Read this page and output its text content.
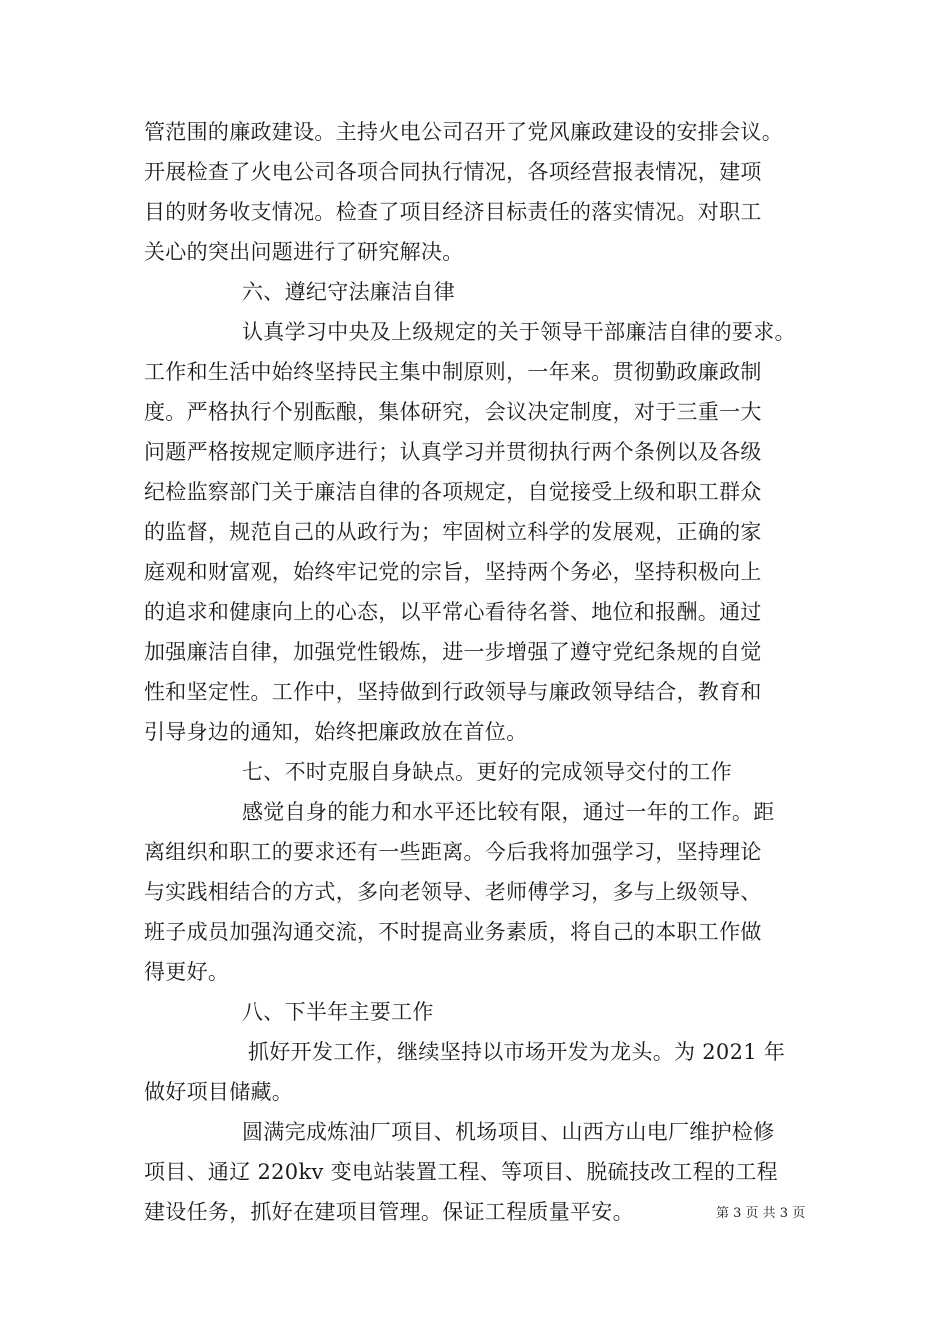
管范围的廉政建设。主持火电公司召开了党风廉政建设的安排会议。
开展检查了火电公司各项合同执行情况，各项经营报表情况，建项
目的财务收支情况。检查了项目经济目标责任的落实情况。对职工
关心的突出问题进行了研究解决。
六、遵纪守法廉洁自律
认真学习中央及上级规定的关于领导干部廉洁自律的要求。
工作和生活中始终坚持民主集中制原则，一年来。贯彻勤政廉政制
度。严格执行个别酝酿，集体研究，会议决定制度，对于三重一大
问题严格按规定顺序进行；认真学习并贯彻执行两个条例以及各级
纪检监察部门关于廉洁自律的各项规定，自觉接受上级和职工群众
的监督，规范自己的从政行为；牢固树立科学的发展观，正确的家
庭观和财富观，始终牢记党的宗旨，坚持两个务必，坚持积极向上
的追求和健康向上的心态，以平常心看待名誉、地位和报酬。通过
加强廉洁自律，加强党性锻炼，进一步增强了遵守党纪条规的自觉
性和坚定性。工作中，坚持做到行政领导与廉政领导结合，教育和
引导身边的通知，始终把廉政放在首位。
七、不时克服自身缺点。更好的完成领导交付的工作
感觉自身的能力和水平还比较有限，通过一年的工作。距
离组织和职工的要求还有一些距离。今后我将加强学习，坚持理论
与实践相结合的方式，多向老领导、老师傅学习，多与上级领导、
班子成员加强沟通交流，不时提高业务素质，将自己的本职工作做
得更好。
八、下半年主要工作
抓好开发工作，继续坚持以市场开发为龙头。为 2021 年
做好项目储藏。
圆满完成炼油厂项目、机场项目、山西方山电厂维护检修
项目、通辽 220kv 变电站装置工程、等项目、脱硫技改工程的工程
建设任务，抓好在建项目管理。保证工程质量平安。	第 3 页 共 3 页
